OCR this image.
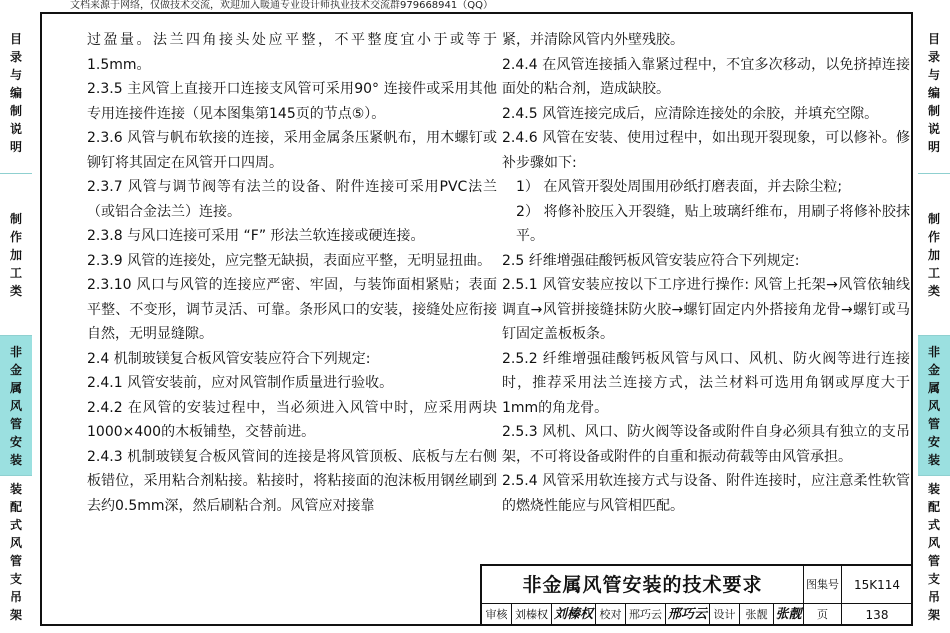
文档来源于网络，仅做技术交流，欢迎加入暖通专业设计师执业技术交流群979668941（QQ）
目
录
与
编
制
说
明
制
作
加
工
类
非
金
属
风
管
安
装
装
配
式
风
管
支
吊
架
目
录
与
编
制
说
明
制
作
加
工
类
非
金
属
风
管
安
装
装
配
式
风
管
支
吊
架

过盈量。法兰四角接头处应平整，不平整度宜小于或等于1.5mm。

2.3.5 主风管上直接开口连接支风管可采用90° 连接件或采用其他专用连接件连接（见本图集第145页的节点⑤）。

2.3.6 风管与帆布软接的连接，采用金属条压紧帆布，用木螺钉或铆钉将其固定在风管开口四周。

2.3.7 风管与调节阀等有法兰的设备、附件连接可采用PVC法兰（或铝合金法兰）连接。

2.3.8 与风口连接可采用 “F” 形法兰软连接或硬连接。

2.3.9 风管的连接处，应完整无缺损，表面应平整，无明显扭曲。

2.3.10 风口与风管的连接应严密、牢固，与装饰面相紧贴；表面平整、不变形，调节灵活、可靠。条形风口的安装，接缝处应衔接自然，无明显缝隙。

2.4 机制玻镁复合板风管安装应符合下列规定:

2.4.1 风管安装前，应对风管制作质量进行验收。

2.4.2 在风管的安装过程中，当必须进入风管中时，应采用两块1000×400的木板铺垫，交替前进。

2.4.3 机制玻镁复合板风管间的连接是将风管顶板、底板与左右侧板错位，采用粘合剂粘接。粘接时，将粘接面的泡沫板用钢丝刷到去约0.5mm深，然后刷粘合剂。风管应对接靠

紧，并清除风管内外壁残胶。

2.4.4 在风管连接插入靠紧过程中，不宜多次移动，以免挤掉连接面处的粘合剂，造成缺胶。

2.4.5 风管连接完成后，应清除连接处的余胶，并填充空隙。

2.4.6 风管在安装、使用过程中，如出现开裂现象，可以修补。修补步骤如下:

1） 在风管开裂处周围用砂纸打磨表面，并去除尘粒;

2） 将修补胶压入开裂缝，贴上玻璃纤维布，用刷子将修补胶抹平。

2.5 纤维增强硅酸钙板风管安装应符合下列规定:

2.5.1 风管安装应按以下工序进行操作: 风管上托架→风管依轴线调直→风管拼接缝抹防火胶→螺钉固定内外搭接角龙骨→螺钉或马钉固定盖板板条。

2.5.2 纤维增强硅酸钙板风管与风口、风机、防火阀等进行连接时，推荐采用法兰连接方式，法兰材料可选用角钢或厚度大于1mm的角龙骨。

2.5.3 风机、风口、防火阀等设备或附件自身必须具有独立的支吊架，不可将设备或附件的自重和振动荷载等由风管承担。

2.5.4 风管采用软连接方式与设备、附件连接时，应注意柔性软管的燃烧性能应与风管相匹配。

非金属风管安装的技术要求	图集号	15K114
审核 刘榛权 刘榛权 校对 邢巧云 邢巧云 设计 张靓 张靓	页	138
